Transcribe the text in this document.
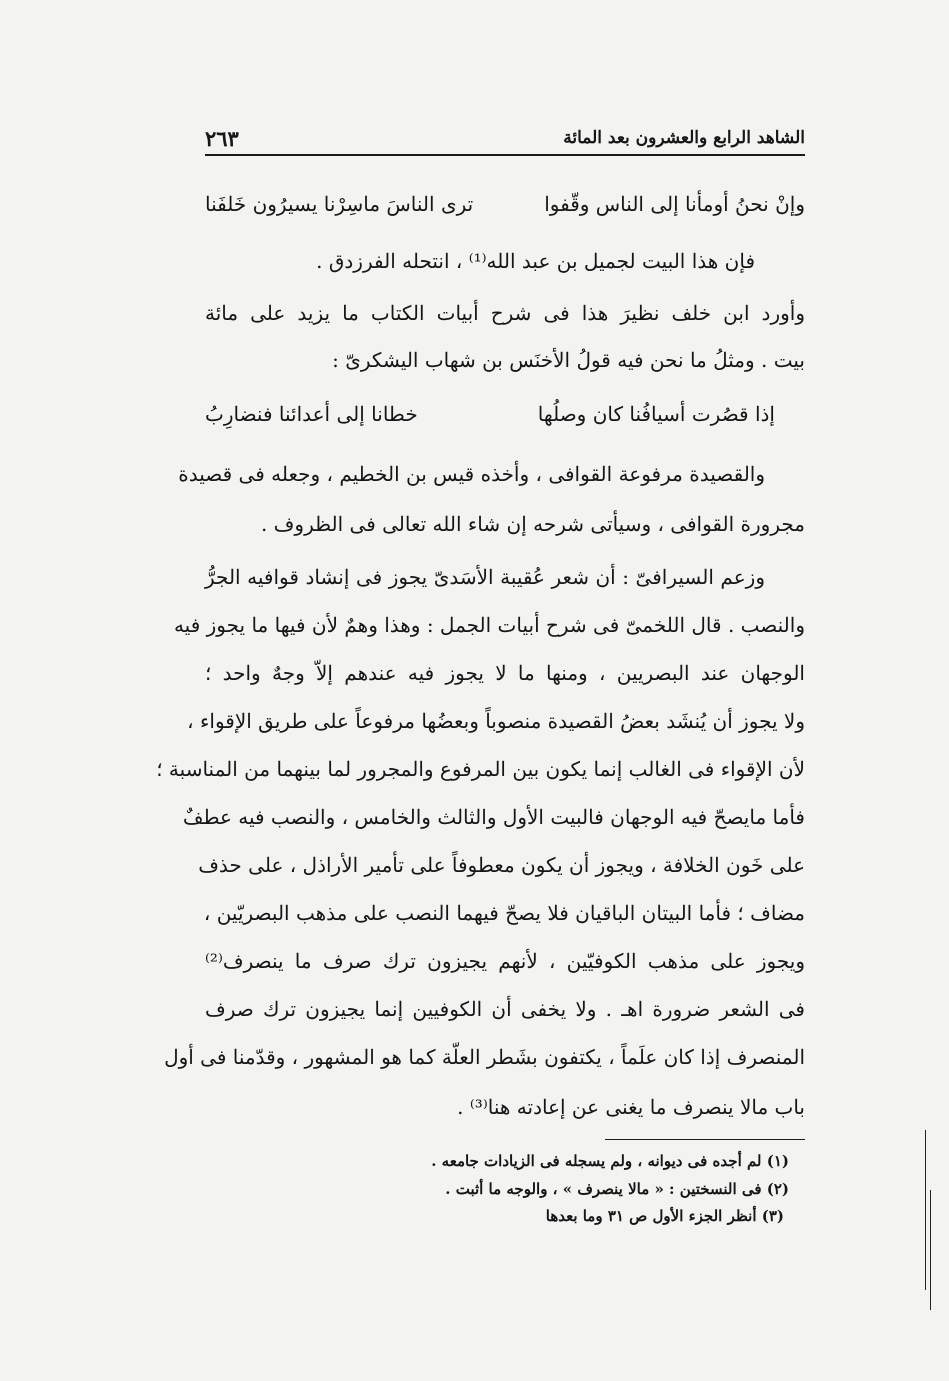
الشاهد الرابع والعشرون بعد المائة
٢٦٣
وإنْ نحنُ أومأنا إلى الناس وقّفوا
ترى الناسَ ماسِرْنا يسيرُون خَلفَنا
فإن هذا البيت لجميل بن عبد الله⁽¹⁾ ، انتحله الفرزدق .
وأورد ابن خلف نظيرَ هذا فى شرح أبيات الكتاب ما يزيد على مائة
بيت . ومثلُ ما نحن فيه قولُ الأخنَس بن شهاب اليشكرىّ :
إذا قصُرت أسيافُنا كان وصلُها
خطانا إلى أعدائنا فنضارِبُ
والقصيدة مرفوعة القوافى ، وأخذه قيس بن الخطيم ، وجعله فى قصيدة
مجرورة القوافى ، وسيأتى شرحه إن شاء الله تعالى فى الظروف .
وزعم السيرافىّ : أن شعر عُقيبة الأسَدىّ يجوز فى إنشاد قوافيه الجرُّ
والنصب . قال اللخمىّ فى شرح أبيات الجمل : وهذا وهمٌ لأن فيها ما يجوز فيه
الوجهان عند البصريين ، ومنها ما لا يجوز فيه عندهم إلاّ وجهٌ واحد ؛
ولا يجوز أن يُنشَد بعضُ القصيدة منصوباً وبعضُها مرفوعاً على طريق الإقواء ،
لأن الإقواء فى الغالب إنما يكون بين المرفوع والمجرور لما بينهما من المناسبة ؛
فأما مايصحّ فيه الوجهان فالبيت الأول والثالث والخامس ، والنصب فيه عطفٌ
على خَون الخلافة ، ويجوز أن يكون معطوفاً على تأمير الأراذل ، على حذف
مضاف ؛ فأما البيتان الباقيان فلا يصحّ فيهما النصب على مذهب البصريّين ،
ويجوز على مذهب الكوفيّين ، لأنهم يجيزون ترك صرف ما ينصرف⁽²⁾
فى الشعر ضرورة اهـ . ولا يخفى أن الكوفيين إنما يجيزون ترك صرف
المنصرف إذا كان علَماً ، يكتفون بشَطر العلّة كما هو المشهور ، وقدّمنا فى أول
باب مالا ينصرف ما يغنى عن إعادته هنا⁽³⁾ .
(١) لم أجده فى ديوانه ، ولم يسجله فى الزيادات جامعه .
(٢) فى النسختين : « مالا ينصرف » ، والوجه ما أثبت .
(٣) أنظر الجزء الأول ص ٣١ وما بعدها
